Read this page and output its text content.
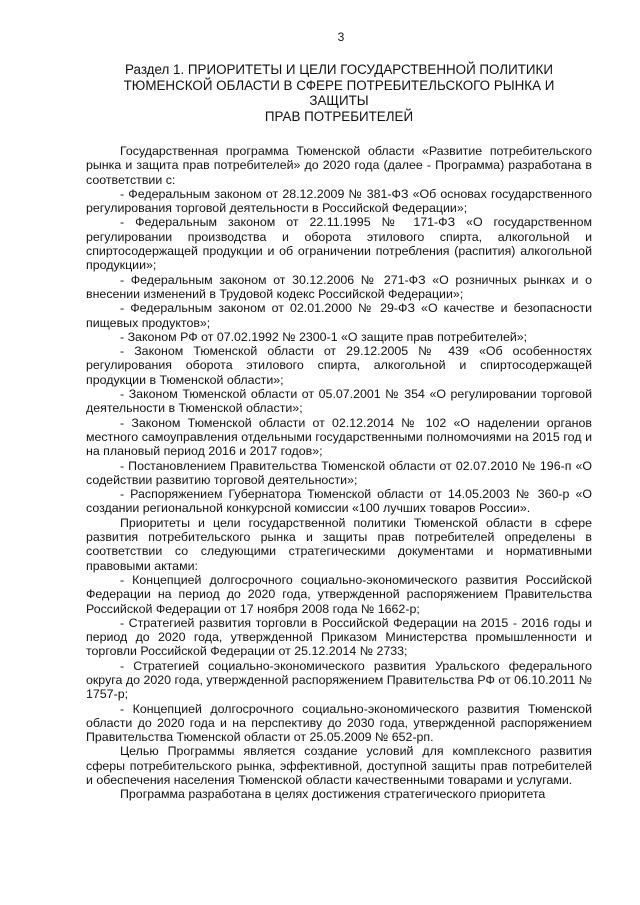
3
Раздел 1. ПРИОРИТЕТЫ И ЦЕЛИ ГОСУДАРСТВЕННОЙ ПОЛИТИКИ
ТЮМЕНСКОЙ ОБЛАСТИ В СФЕРЕ ПОТРЕБИТЕЛЬСКОГО РЫНКА И ЗАЩИТЫ
ПРАВ ПОТРЕБИТЕЛЕЙ

Государственная программа Тюменской области «Развитие потребительского рынка и защита прав потребителей» до 2020 года (далее - Программа) разработана в соответствии с:

- Федеральным законом от 28.12.2009 № 381-ФЗ «Об основах государственного регулирования торговой деятельности в Российской Федерации»;

- Федеральным законом от 22.11.1995 № 171-ФЗ «О государственном регулировании производства и оборота этилового спирта, алкогольной и спиртосодержащей продукции и об ограничении потребления (распития) алкогольной продукции»;

- Федеральным законом от 30.12.2006 № 271-ФЗ «О розничных рынках и о внесении изменений в Трудовой кодекс Российской Федерации»;

- Федеральным законом от 02.01.2000 № 29-ФЗ «О качестве и безопасности пищевых продуктов»;

- Законом РФ от 07.02.1992 № 2300-1 «О защите прав потребителей»;

- Законом Тюменской области от 29.12.2005 № 439 «Об особенностях регулирования оборота этилового спирта, алкогольной и спиртосодержащей продукции в Тюменской области»;

- Законом Тюменской области от 05.07.2001 № 354 «О регулировании торговой деятельности в Тюменской области»;

- Законом Тюменской области от 02.12.2014 № 102 «О наделении органов местного самоуправления отдельными государственными полномочиями на 2015 год и на плановый период 2016 и 2017 годов»;

- Постановлением Правительства Тюменской области от 02.07.2010 № 196-п «О содействии развитию торговой деятельности»;

- Распоряжением Губернатора Тюменской области от 14.05.2003 № 360-р «О создании региональной конкурсной комиссии «100 лучших товаров России».

Приоритеты и цели государственной политики Тюменской области в сфере развития потребительского рынка и защиты прав потребителей определены в соответствии со следующими стратегическими документами и нормативными правовыми актами:

- Концепцией долгосрочного социально-экономического развития Российской Федерации на период до 2020 года, утвержденной распоряжением Правительства Российской Федерации от 17 ноября 2008 года № 1662-р;

- Стратегией развития торговли в Российской Федерации на 2015 - 2016 годы и период до 2020 года, утвержденной Приказом Министерства промышленности и торговли Российской Федерации от 25.12.2014 № 2733;

- Стратегией социально-экономического развития Уральского федерального округа до 2020 года, утвержденной распоряжением Правительства РФ от 06.10.2011 № 1757-р;

- Концепцией долгосрочного социально-экономического развития Тюменской области до 2020 года и на перспективу до 2030 года, утвержденной распоряжением Правительства Тюменской области от 25.05.2009 № 652-рп.

Целью Программы является создание условий для комплексного развития сферы потребительского рынка, эффективной, доступной защиты прав потребителей и обеспечения населения Тюменской области качественными товарами и услугами.

Программа разработана в целях достижения стратегического приоритета
